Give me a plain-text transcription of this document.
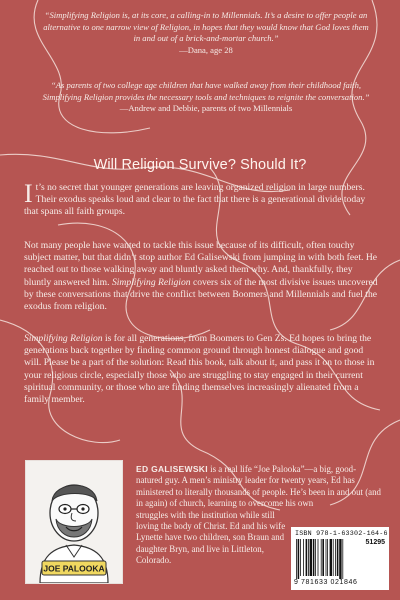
“Simplifying Religion is, at its core, a calling-in to Millennials. It’s a desire to offer people an alternative to one narrow view of Religion, in hopes that they would know that God loves them in and out of a brick-and-mortar church.”
—Dana, age 28
“As parents of two college age children that have walked away from their childhood faith, Simplifying Religion provides the necessary tools and techniques to reignite the conversation.”
—Andrew and Debbie, parents of two Millennials
Will Religion Survive? Should It?

It’s no secret that younger generations are leaving organized religion in large numbers. Their exodus speaks loud and clear to the fact that there is a generational divide today that spans all faith groups.

Not many people have wanted to tackle this issue because of its difficult, often touchy subject matter, but that didn’t stop author Ed Galisewski from jumping in with both feet. He reached out to those walking away and bluntly asked them why. And, thankfully, they bluntly answered him. Simplifying Religion covers six of the most divisive issues uncovered by these conversations that drive the conflict between Boomers and Millennials and fuel the exodus from religion.

Simplifying Religion is for all generations, from Boomers to Gen Zs. Ed hopes to bring the generations back together by finding common ground through honest dialogue and good will. Please be a part of the solution: Read this book, talk about it, and pass it on to those in your religious circle, especially those who are struggling to stay engaged in their current spiritual community, or those who are finding themselves increasingly alienated from a family member.

JOE PALOOKA

ED GALISEWSKI is a real life “Joe Palooka”—a big, good-natured guy. A men’s ministry leader for twenty years, Ed has ministered to literally thousands of people. He’s been in and out (and in again) of church, learning to overcome his own
struggles with the institution while still loving the body of Christ. Ed and his wife Lynette have two children, son Braun and daughter Bryn, and live in Littleton, Colorado.

ISBN 978-1-63302-164-6
51295
9 781633 021846
